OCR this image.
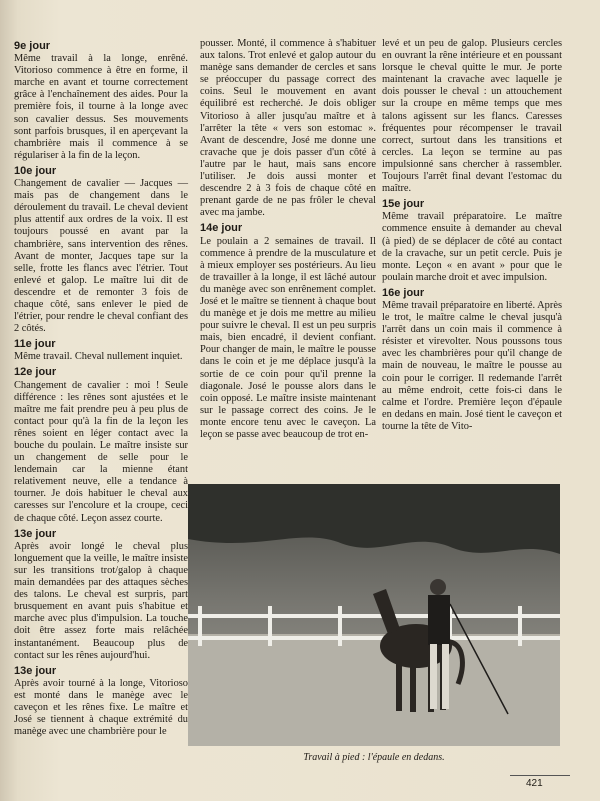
9e jour

Même travail à la longe, enrêné. Vitorioso commence à être en forme, il marche en avant et tourne correctement grâce à l'enchaînement des aides. Pour la première fois, il tourne à la longe avec son cavalier dessus. Ses mouvements sont parfois brusques, il en aperçevant la chambrière mais il commence à se régulariser à la fin de la leçon.

10e jour

Changement de cavalier — Jacques — mais pas de changement dans le déroulement du travail. Le cheval devient plus attentif aux ordres de la voix. Il est toujours poussé en avant par la chambrière, sans intervention des rênes. Avant de monter, Jacques tape sur la selle, frotte les flancs avec l'étrier. Tout enlevé et galop. Le maître lui dit de descendre et de remonter 3 fois de chaque côté, sans enlever le pied de l'étrier, pour rendre le cheval confiant des 2 côtés.

11e jour

Même travail. Cheval nullement inquiet.

12e jour

Changement de cavalier : moi ! Seule différence : les rênes sont ajustées et le maître me fait prendre peu à peu plus de contact pour qu'à la fin de la leçon les rênes soient en léger contact avec la bouche du poulain. Le maître insiste sur un changement de selle pour le lendemain car la mienne étant relativement neuve, elle a tendance à tourner. Je dois habituer le cheval aux caresses sur l'encolure et la croupe, ceci de chaque côté. Leçon assez courte.

13e jour

Après avoir longé le cheval plus longuement que la veille, le maître insiste sur les transitions trot/galop à chaque main demandées par des attaques sèches des talons. Le cheval est surpris, part brusquement en avant puis s'habitue et marche avec plus d'impulsion. La touche doit être assez forte mais relâchée instantanément. Beaucoup plus de contact sur les rênes aujourd'hui.

13e jour

Après avoir tourné à la longe, Vitorioso est monté dans le manège avec le caveçon et les rênes fixe. Le maître et José se tiennent à chaque extrémité du manège avec une chambrière pour le

pousser. Monté, il commence à s'habituer aux talons. Trot enlevé et galop autour du manège sans demander de cercles et sans se préoccuper du passage correct des coins. Seul le mouvement en avant équilibré est recherché. Je dois obliger Vitorioso à aller jusqu'au maître et à l'arrêter la tête « vers son estomac ». Avant de descendre, José me donne une cravache que je dois passer d'un côté à l'autre par le haut, mais sans encore l'utiliser. Je dois aussi monter et descendre 2 à 3 fois de chaque côté en prenant garde de ne pas frôler le cheval avec ma jambe.

14e jour

Le poulain a 2 semaines de travail. Il commence à prendre de la musculature et à mieux employer ses postérieurs. Au lieu de travailler à la longe, il est lâché autour du manège avec son enrênement complet. José et le maître se tiennent à chaque bout du manège et je dois me mettre au milieu pour suivre le cheval. Il est un peu surpris mais, bien encadré, il devient confiant. Pour changer de main, le maître le pousse dans le coin et je me déplace jusqu'à la sortie de ce coin pour qu'il prenne la diagonale. José le pousse alors dans le coin opposé. Le maître insiste maintenant sur le passage correct des coins. Je le monte encore tenu avec le caveçon. La leçon se passe avec beaucoup de trot en-

levé et un peu de galop. Plusieurs cercles en ouvrant la rêne intérieure et en poussant lorsque le cheval quitte le mur. Je porte maintenant la cravache avec laquelle je dois pousser le cheval : un attouchement sur la croupe en même temps que mes talons agissent sur les flancs. Caresses fréquentes pour récompenser le travail correct, surtout dans les transitions et cercles. La leçon se termine au pas impulsionné sans chercher à rassembler. Toujours l'arrêt final devant l'estomac du maître.

15e jour

Même travail préparatoire. Le maître commence ensuite à demander au cheval (à pied) de se déplacer de côté au contact de la cravache, sur un petit cercle. Puis je monte. Leçon « en avant » pour que le poulain marche droit et avec impulsion.

16e jour

Même travail préparatoire en liberté. Après le trot, le maître calme le cheval jusqu'à l'arrêt dans un coin mais il commence à résister et virevolter. Nous poussons tous avec les chambrières pour qu'il change de main de nouveau, le maître le pousse au coin pour le corriger. Il redemande l'arrêt au même endroit, cette fois-ci dans le calme et l'ordre. Première leçon d'épaule en dedans en main. José tient le caveçon et tourne la tête de Vito-

Travail à pied : l'épaule en dedans.
421
